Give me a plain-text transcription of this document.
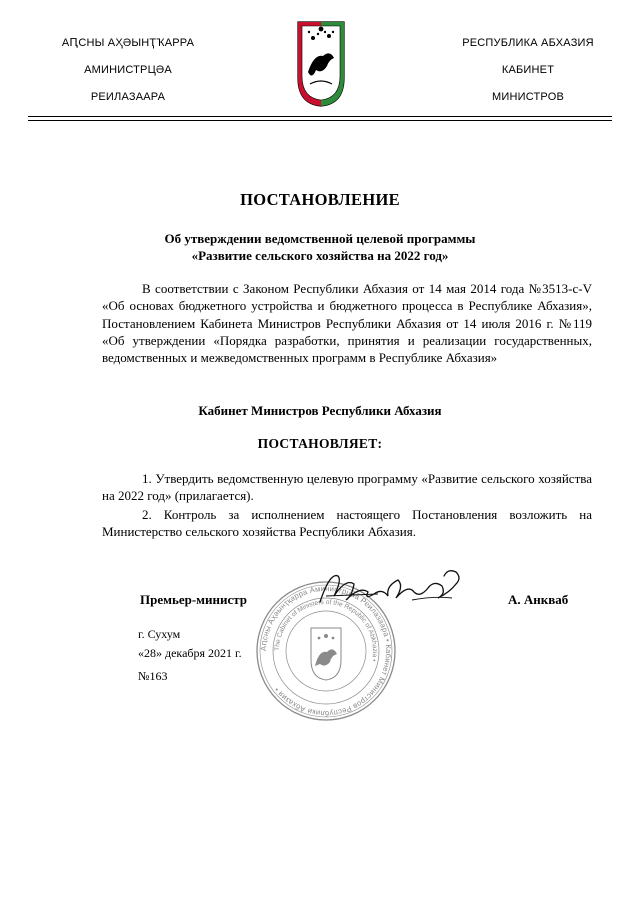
АԤСНЫ АҲӘЫНҬҠАРРА
АМИНИСТРЦӘА
РЕИЛАЗААРА
РЕСПУБЛИКА АБХАЗИЯ
КАБИНЕТ
МИНИСТРОВ
ПОСТАНОВЛЕНИЕ
Об утверждении ведомственной целевой программы
«Развитие сельского хозяйства на 2022 год»
В соответствии с Законом Республики Абхазия от 14 мая 2014 года №3513-с-V «Об основах бюджетного устройства и бюджетного процесса в Республике Абхазия», Постановлением Кабинета Министров Республики Абхазия от 14 июля 2016 г. №119 «Об утверждении «Порядка разработки, принятия и реализации государственных, ведомственных и межведомственных программ в Республике Абхазия»
Кабинет Министров Республики Абхазия
ПОСТАНОВЛЯЕТ:
1. Утвердить ведомственную целевую программу «Развитие сельского хозяйства на 2022 год» (прилагается).
2. Контроль за исполнением настоящего Постановления возложить на Министерство сельского хозяйства Республики Абхазия.
Аԥсны Аҳәынҭқарра Аминистрцәа Реилазаара • Кабинет Министров Республики Абхазия •
The Cabinet of Ministers of the Republic of Abkhazia •
Премьер-министр	А. Анкваб
г. Сухум
«28» декабря 2021 г.
№163
